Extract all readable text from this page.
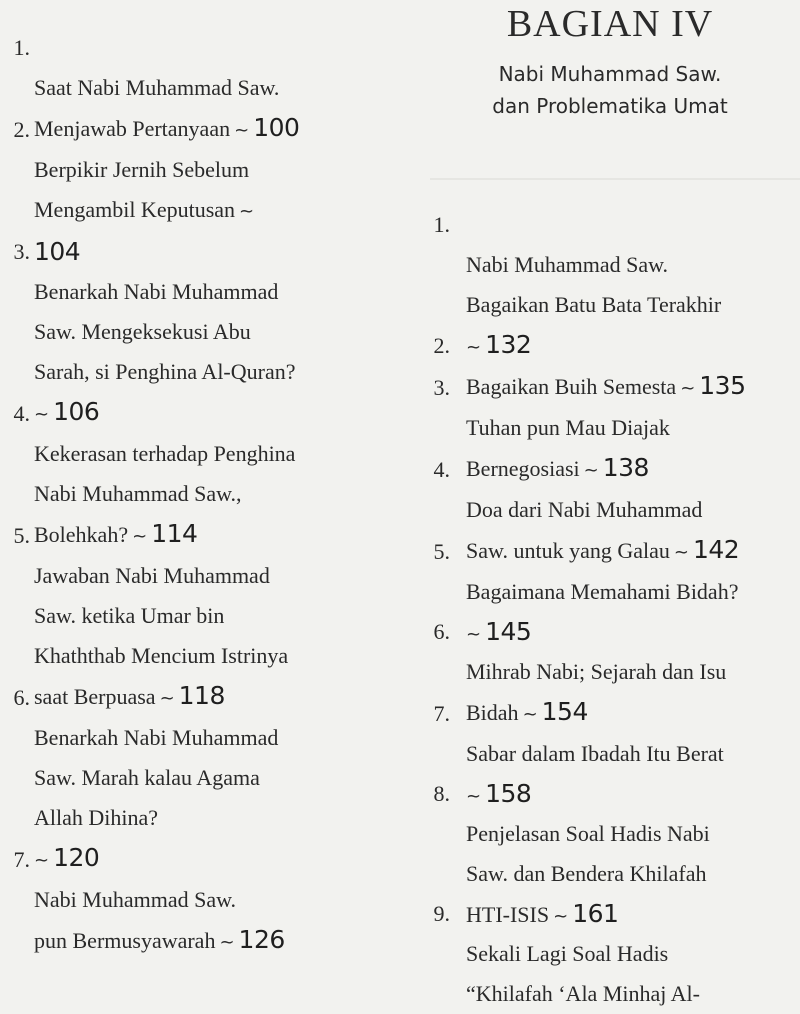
1.

Saat Nabi Muhammad Saw.
Menjawab Pertanyaan ~ 100

2.

Berpikir Jernih Sebelum
Mengambil Keputusan ~
104

3.

Benarkah Nabi Muhammad
Saw. Mengeksekusi Abu
Sarah, si Penghina Al-Quran?
~ 106

4.

Kekerasan terhadap Penghina
Nabi Muhammad Saw.,
Bolehkah? ~ 114

5.

Jawaban Nabi Muhammad
Saw. ketika Umar bin
Khaththab Mencium Istrinya
saat Berpuasa ~ 118

6.

Benarkah Nabi Muhammad
Saw. Marah kalau Agama
Allah Dihina?
~ 120

7.

Nabi Muhammad Saw.
pun Bermusyawarah ~ 126

BAGIAN IV
Nabi Muhammad Saw.
dan Problematika Umat
1.

Nabi Muhammad Saw.
Bagaikan Batu Bata Terakhir
~ 132

2.

Bagaikan Buih Semesta ~ 135

3.

Tuhan pun Mau Diajak
Bernegosiasi ~ 138

4.

Doa dari Nabi Muhammad
Saw. untuk yang Galau ~ 142

5.

Bagaimana Memahami Bidah?
~ 145

6.

Mihrab Nabi; Sejarah dan Isu
Bidah ~ 154

7.

Sabar dalam Ibadah Itu Berat
~ 158

8.

Penjelasan Soal Hadis Nabi
Saw. dan Bendera Khilafah
HTI-ISIS ~ 161

9.

Sekali Lagi Soal Hadis
“Khilafah ‘Ala Minhaj Al-
